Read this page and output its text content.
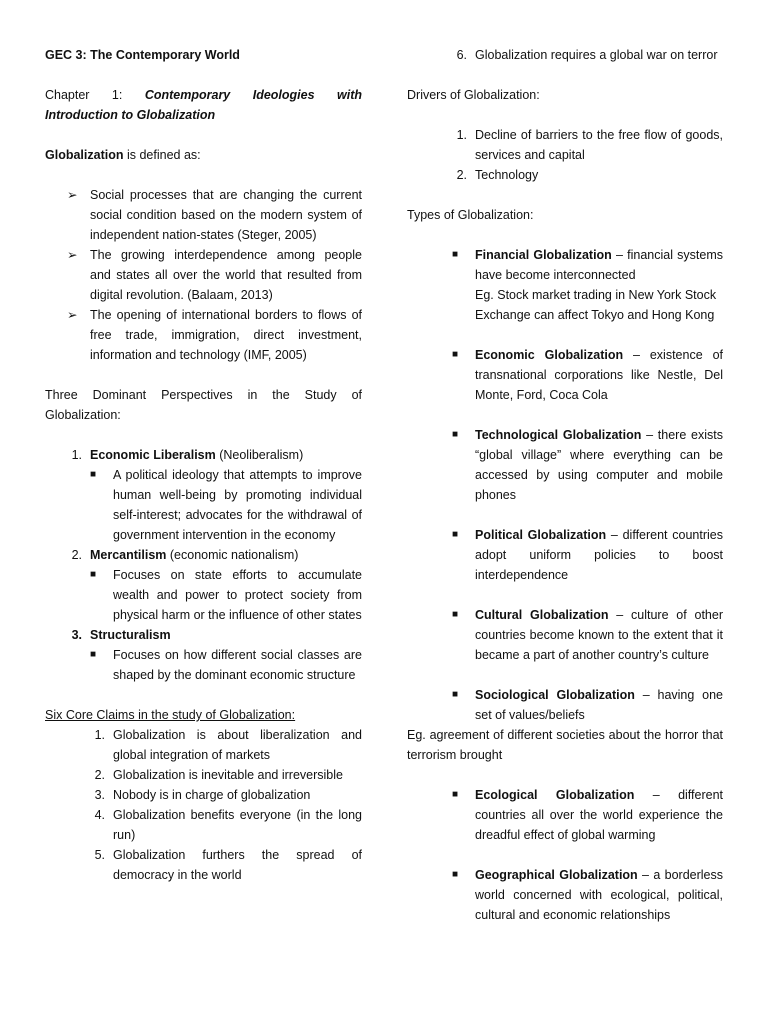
GEC 3: The Contemporary World

Chapter 1: Contemporary Ideologies with Introduction to Globalization

Globalization is defined as:

➢ Social processes that are changing the current social condition based on the modern system of independent nation-states (Steger, 2005)
➢ The growing interdependence among people and states all over the world that resulted from digital revolution. (Balaam, 2013)
➢ The opening of international borders to flows of free trade, immigration, direct investment, information and technology (IMF, 2005)

Three Dominant Perspectives in the Study of Globalization:

1. Economic Liberalism (Neoliberalism)
■	A political ideology that attempts to improve human well-being by promoting individual self-interest; advocates for the withdrawal of government intervention in the economy
2. Mercantilism (economic nationalism)
■	Focuses on state efforts to accumulate wealth and power to protect society from physical harm or the influence of other states
3. Structuralism
■	Focuses on how different social classes are shaped by the dominant economic structure

Six Core Claims in the study of Globalization:

1. Globalization is about liberalization and global integration of markets
2. Globalization is inevitable and irreversible
3. Nobody is in charge of globalization
4. Globalization benefits everyone (in the long run)
5. Globalization furthers the spread of democracy in the world
6. Globalization requires a global war on terror

Drivers of Globalization:

1. Decline of barriers to the free flow of goods, services and capital
2. Technology

Types of Globalization:

■	Financial Globalization – financial systems have become interconnected
Eg. Stock market trading in New York Stock Exchange can affect Tokyo and Hong Kong
■	Economic Globalization – existence of transnational corporations like Nestle, Del Monte, Ford, Coca Cola
■	Technological Globalization – there exists “global village” where everything can be accessed by using computer and mobile phones
■	Political Globalization – different countries adopt uniform policies to boost interdependence
■	Cultural Globalization – culture of other countries become known to the extent that it became a part of another country’s culture
■	Sociological Globalization – having one set of values/beliefs

Eg. agreement of different societies about the horror that terrorism brought

■	Ecological Globalization – different countries all over the world experience the dreadful effect of global warming
■	Geographical Globalization – a borderless world concerned with ecological, political, cultural and economic relationships
